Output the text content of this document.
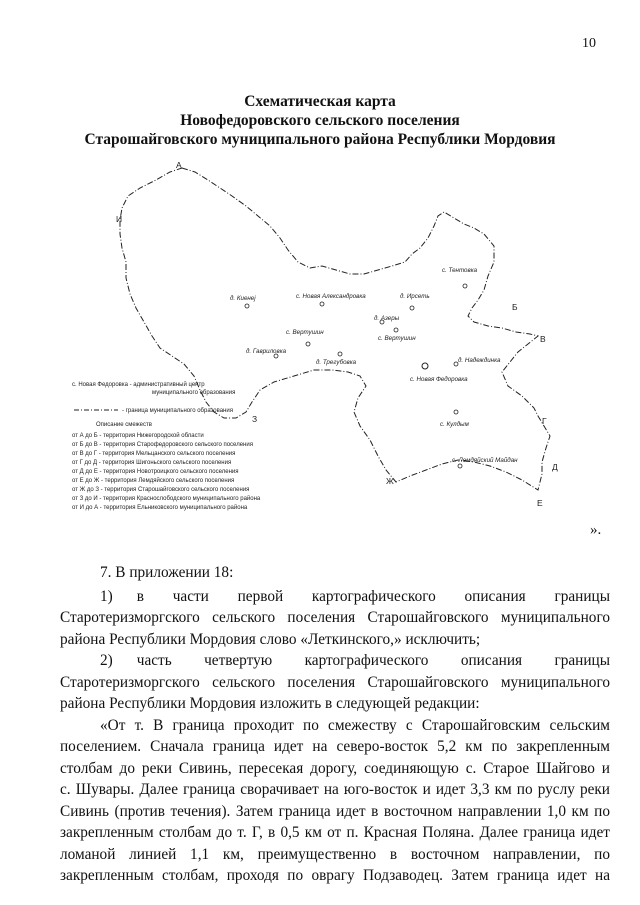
10
Схематическая карта
Новофедоровского сельского поселения
Старошайговского муниципального района Республики Мордовия
А
Б
В
Г
Д
Е
Ж
З
И
д. Киенej	с. Новая Александровка	д. Ирсеть
с. Тентовка
д. Азеры
с. Вертушин
с. Вертушин
д. Гавриловка
д. Трегубовка	д. Надеждинка
с. Новая Федоровка
с. Кулдым
с. Лемдяйский Майдан
с. Новая Федоровка - административный центр
муниципального образования
- граница муниципального образования
Описание смежеств
от А до Б - территория Нижегородской области
от Б до В - территория Старофедоровского сельского поселения
от В до Г - территория Мельцанского сельского поселения
от Г до Д - территория Шигоньского сельского поселения
от Д до Е - территория Новотроицкого сельского поселения
от Е до Ж - территория Лемдяйского сельского поселения
от Ж до З - территория Старошайговского сельского поселения
от З до И - территория Краснослободского муниципального района
от И до А - территория Ельниковского муниципального района
».

7. В приложении 18:

1) в части первой картографического описания границы

Старотеризморгского сельского поселения Старошайговского муниципального

района Республики Мордовия слово «Леткинского,» исключить;

2) часть четвертую картографического описания границы

Старотеризморгского сельского поселения Старошайговского муниципального

района Республики Мордовия изложить в следующей редакции:

«От т. В граница проходит по смежеству с Старошайговским сельским

поселением. Сначала граница идет на северо-восток 5,2 км по закрепленным

столбам до реки Сивинь, пересекая дорогу, соединяющую с. Старое Шайгово и

с. Шувары. Далее граница сворачивает на юго-восток и идет 3,3 км по руслу реки

Сивинь (против течения). Затем граница идет в восточном направлении 1,0 км по

закрепленным столбам до т. Г, в 0,5 км от п. Красная Поляна. Далее граница идет

ломаной линией 1,1 км, преимущественно в восточном направлении, по

закрепленным столбам, проходя по оврагу Подзаводец. Затем граница идет на
